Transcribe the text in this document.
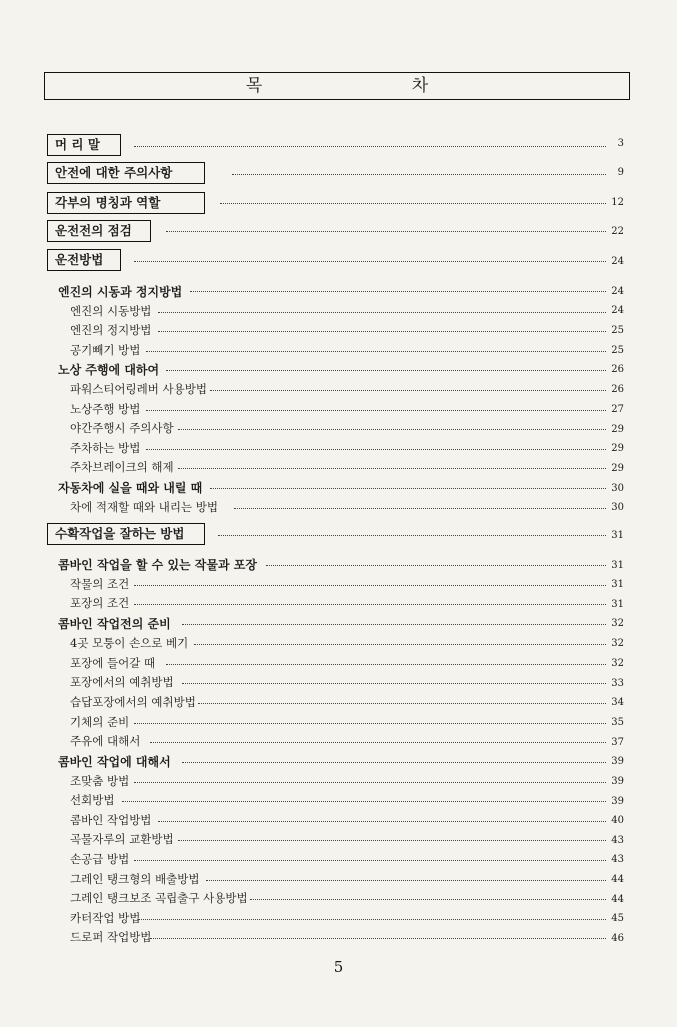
목 차
머 리 말	3
안전에 대한 주의사항	9
각부의 명칭과 역할	12
운전전의 점검	22
운전방법	24
엔진의 시동과 정지방법	24
엔진의 시동방법	24
엔진의 정지방법	25
공기빼기 방법	25
노상 주행에 대하여	26
파워스티어링레버 사용방법	26
노상주행 방법	27
야간주행시 주의사항	29
주차하는 방법	29
주차브레이크의 해제	29
자동차에 실을 때와 내릴 때	30
차에 적재할 때와 내리는 방법	30
수확작업을 잘하는 방법	31
콤바인 작업을 할 수 있는 작물과 포장	31
작물의 조건	31
포장의 조건	31
콤바인 작업전의 준비	32
4곳 모퉁이 손으로 베기	32
포장에 들어갈 때	32
포장에서의 예취방법	33
습답포장에서의 예취방법	34
기체의 준비	35
주유에 대해서	37
콤바인 작업에 대해서	39
조맞춤 방법	39
선회방법	39
콤바인 작업방법	40
곡물자루의 교환방법	43
손공급 방법	43
그레인 탱크형의 배출방법	44
그레인 탱크보조 곡립출구 사용방법	44
카터작업 방법	45
드로퍼 작업방법	46
5
